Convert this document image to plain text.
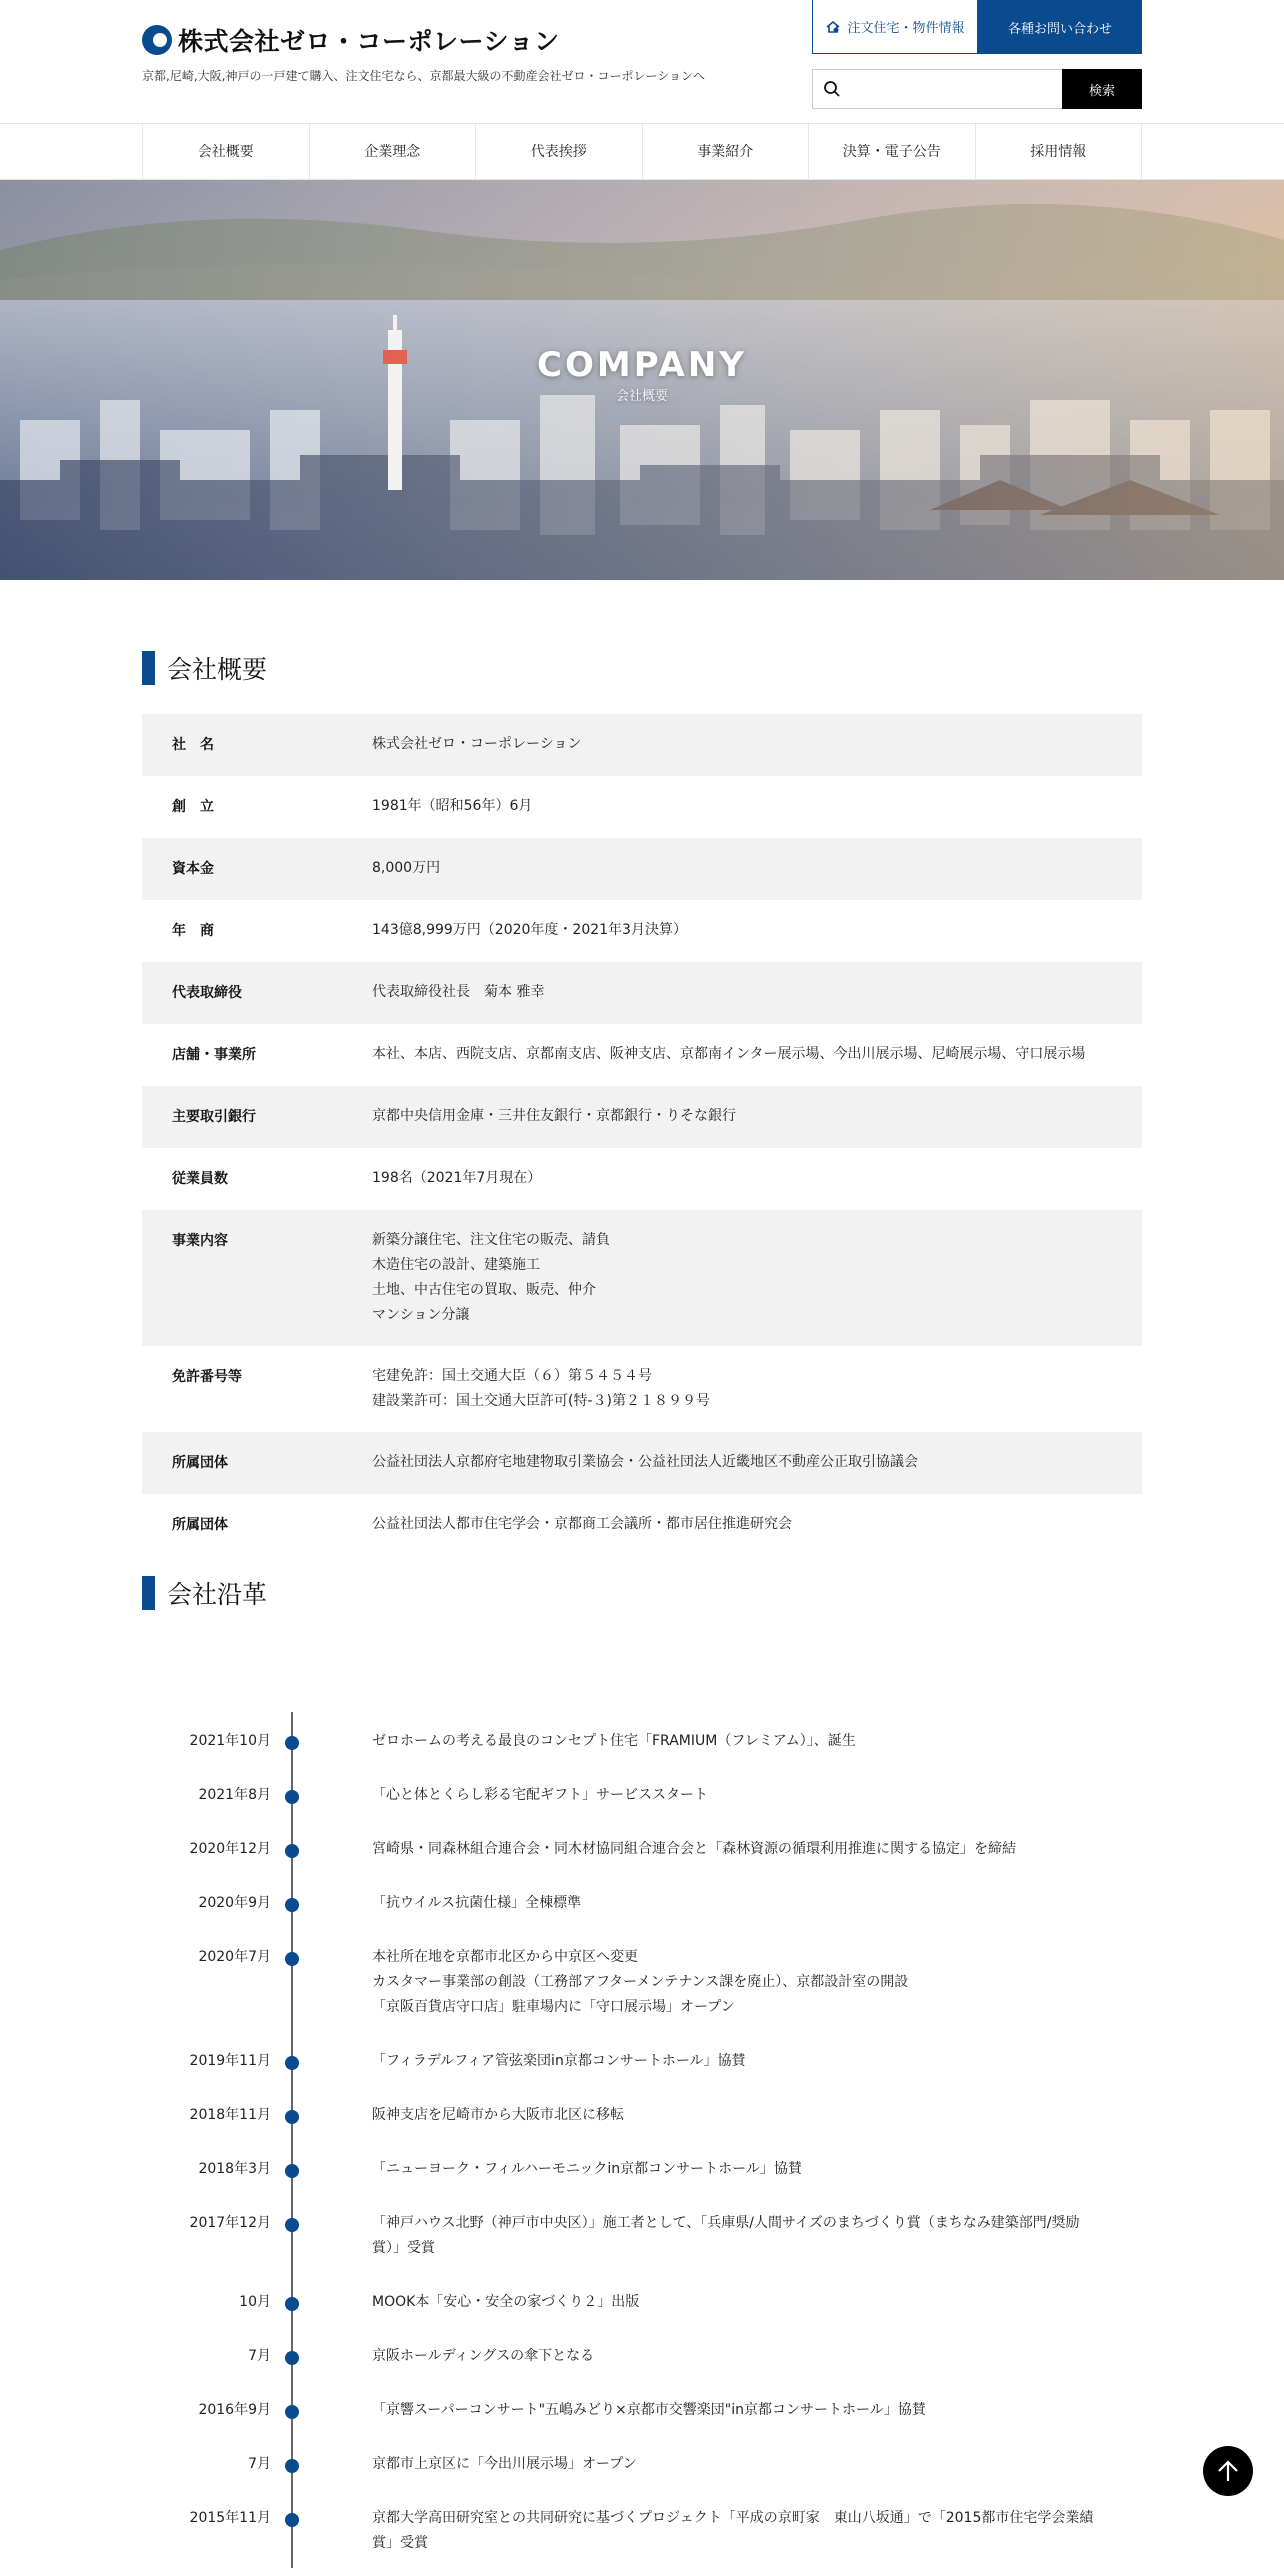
株式会社ゼロ・コーポレーション
京都,尼崎,大阪,神戸の一戸建て購入、注文住宅なら、京都最大級の不動産会社ゼロ・コーポレーションへ
注文住宅・物件情報	各種お問い合わせ
検索
会社概要	企業理念	代表挨拶	事業紹介	決算・電子公告	採用情報
COMPANY
会社概要
会社概要
社　名	株式会社ゼロ・コーポレーション
創　立	1981年（昭和56年）6月
資本金	8,000万円
年　商	143億8,999万円（2020年度・2021年3月決算）
代表取締役	代表取締役社長　菊本 雅幸
店舗・事業所	本社、本店、西院支店、京都南支店、阪神支店、京都南インター展示場、今出川展示場、尼崎展示場、守口展示場
主要取引銀行	京都中央信用金庫・三井住友銀行・京都銀行・りそな銀行
従業員数	198名（2021年7月現在）
事業内容	新築分譲住宅、注文住宅の販売、請負
木造住宅の設計、建築施工
土地、中古住宅の買取、販売、仲介
マンション分譲
免許番号等	宅建免許：国土交通大臣（６）第５４５４号
建設業許可：国土交通大臣許可(特-３)第２１８９９号
所属団体	公益社団法人京都府宅地建物取引業協会・公益社団法人近畿地区不動産公正取引協議会
所属団体	公益社団法人都市住宅学会・京都商工会議所・都市居住推進研究会
会社沿革
2021年10月	ゼロホームの考える最良のコンセプト住宅「FRAMIUM（フレミアム）」、誕生
2021年8月	「心と体とくらし彩る宅配ギフト」サービススタート
2020年12月	宮崎県・同森林組合連合会・同木材協同組合連合会と「森林資源の循環利用推進に関する協定」を締結
2020年9月	「抗ウイルス抗菌仕様」全棟標準
2020年7月	本社所在地を京都市北区から中京区へ変更
カスタマー事業部の創設（工務部アフターメンテナンス課を廃止）、京都設計室の開設
「京阪百貨店守口店」駐車場内に「守口展示場」オープン
2019年11月	「フィラデルフィア管弦楽団in京都コンサートホール」協賛
2018年11月	阪神支店を尼崎市から大阪市北区に移転
2018年3月	「ニューヨーク・フィルハーモニックin京都コンサートホール」協賛
2017年12月	「神戸ハウス北野（神戸市中央区）」施工者として、「兵庫県/人間サイズのまちづくり賞（まちなみ建築部門/奨励
賞）」受賞
10月	MOOK本「安心・安全の家づくり２」出版
7月	京阪ホールディングスの傘下となる
2016年9月	「京響スーパーコンサート"五嶋みどり×京都市交響楽団"in京都コンサートホール」協賛
7月	京都市上京区に「今出川展示場」オープン
2015年11月	京都大学高田研究室との共同研究に基づくプロジェクト「平成の京町家　東山八坂通」で「2015都市住宅学会業績
賞」受賞
